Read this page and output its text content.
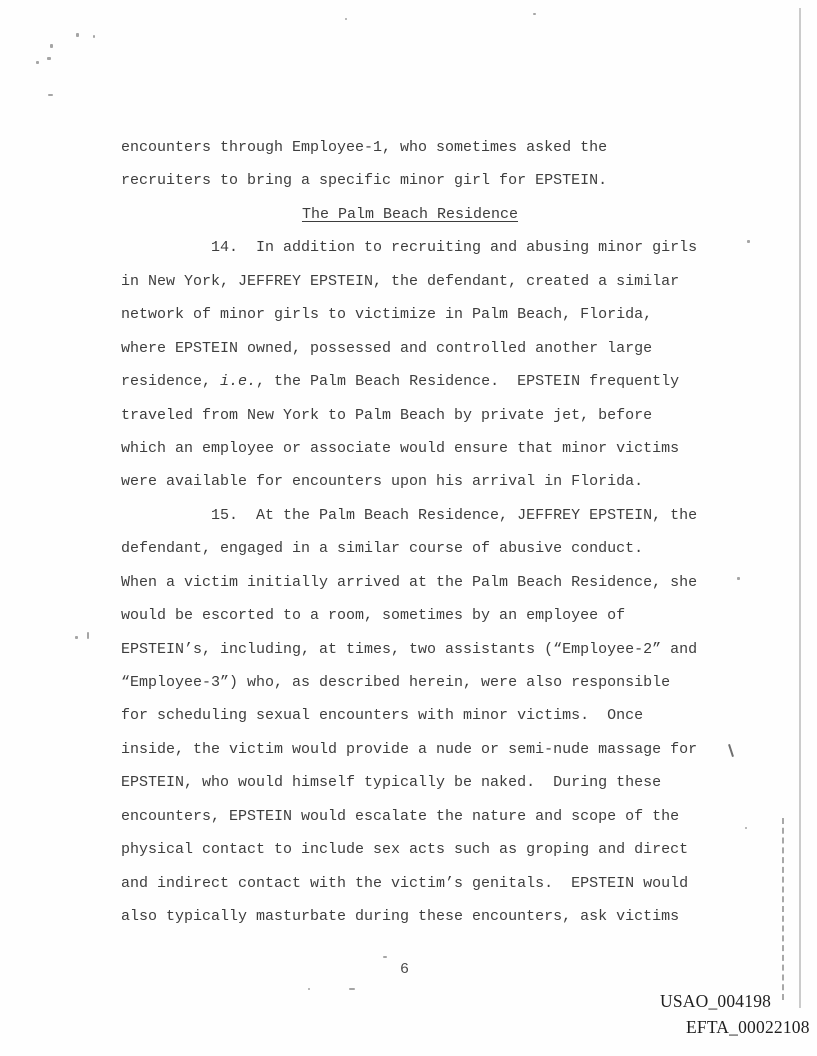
encounters through Employee-1, who sometimes asked the
recruiters to bring a specific minor girl for EPSTEIN.
The Palm Beach Residence
14.  In addition to recruiting and abusing minor girls
in New York, JEFFREY EPSTEIN, the defendant, created a similar
network of minor girls to victimize in Palm Beach, Florida,
where EPSTEIN owned, possessed and controlled another large
residence, i.e., the Palm Beach Residence.  EPSTEIN frequently
traveled from New York to Palm Beach by private jet, before
which an employee or associate would ensure that minor victims
were available for encounters upon his arrival in Florida.
15.  At the Palm Beach Residence, JEFFREY EPSTEIN, the
defendant, engaged in a similar course of abusive conduct.
When a victim initially arrived at the Palm Beach Residence, she
would be escorted to a room, sometimes by an employee of
EPSTEIN’s, including, at times, two assistants (“Employee-2” and
“Employee-3”) who, as described herein, were also responsible
for scheduling sexual encounters with minor victims.  Once
inside, the victim would provide a nude or semi-nude massage for
EPSTEIN, who would himself typically be naked.  During these
encounters, EPSTEIN would escalate the nature and scope of the
physical contact to include sex acts such as groping and direct
and indirect contact with the victim’s genitals.  EPSTEIN would
also typically masturbate during these encounters, ask victims
6
USAO_004198
EFTA_00022108
